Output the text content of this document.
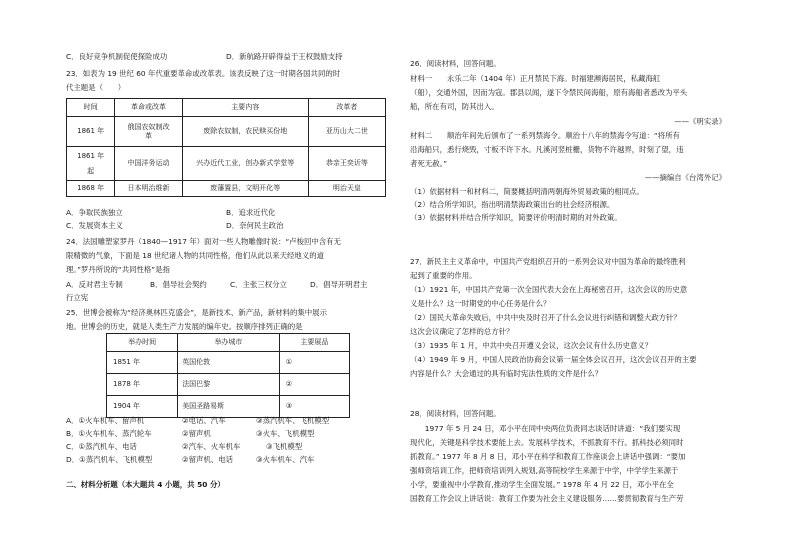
C．良好竞争机制促使探险成功	D．新航路开辟得益于王权鼓励支持
23．如表为 19 世纪 60 年代重要革命或改革表。该表反映了这一时期各国共同的时
代主题是（　　）
时间	革命或改革	主要内容	改革者
1861 年	俄国农奴制改
革	废除农奴制，农民赎买份地	亚历山大二世

1861 年
起	中国洋务运动	兴办近代工业，创办新式学堂等	恭亲王奕䜣等
1868 年	日本明治维新	废藩置县，文明开化等	明治天皇
A．争取民族独立	B．追求近代化
C．发展资本主义	D．奈何民主政治
24．法国雕塑家罗丹（1840—1917 年）面对一些人物雕像时说：“卢梭回中含有无
限精微的气象，下面是 18 世纪诸人物的共同性格，他们从此以来天经地义的道
理。”罗丹所说的“共同性格”是指
A．反对君主专制	B．倡导社会契约	C．主张三权分立	D．倡导开明君主
行立宪
25．世博会被称为“经济奥林匹克盛会”，是新技术、新产品，新材料的集中展示
地。世博会的历史，就是人类生产力发展的编年史。按顺序排列正确的是
举办时间	举办城市	主要展品
1851 年	英国伦敦	①
1878 年	法国巴黎	②
1904 年	美国圣路易斯	③
A．①火车机车、留声机	②电话、汽车	③蒸汽机车、飞机模型
B．①火车机车、蒸汽轮车	②留声机	③火车、飞机模型
C．①蒸汽机车、电话	②汽车、火车机车	③飞机模型
D．①蒸汽机车、飞机模型	②留声机、电话	③火车机车、汽车
二、材料分析题（本大题共 4 小题，共 50 分）
26．阅读材料，回答问题。
材料一　　永乐二年（1404 年）正月禁民下海。时福建濒海居民，私藏海舡
（船），交通外国，因而为寇。郡县以闻，遂下令禁民间海船，原有海船者悉改为平头
船，所在有司，防其出入。
——《明实录》
材料二　　顺治年间先后颁布了一系列禁海令。顺治十八年的禁海令写道：“将所有
沿海船只，悉行烧毁，寸板不许下水。凡溪河竖桩栅，货物不许越界，时刻了望，违
者死无赦。”
——摘编自《台湾外记》
（1）依据材料一和材料二，简要概括明清两朝海外贸易政策的相同点。
（2）结合所学知识，指出明清禁海政策出台的社会经济根源。
（3）依据材料并结合所学知识，简要评价明清时期的对外政策。
27．新民主主义革命中，中国共产党组织召开的一系列会议对中国为革命的最终胜利
起到了重要的作用。
（1）1921 年，中国共产党第一次全国代表大会在上海秘密召开，这次会议的历史意
义是什么？这一时期党的中心任务是什么？
（2）国民大革命失败后，中共中央及时召开了什么会议进行纠错和调整大政方针？
这次会议确定了怎样的总方针？
（3）1935 年 1 月，中共中央召开遵义会议，这次会议有什么历史意义？
（4）1949 年 9 月，中国人民政治协商会议第一届全体会议召开，这次会议召开的主要
内容是什么？大会通过的具有临时宪法性质的文件是什么？
28．阅读材料，回答问题。
　　1977 年 5 月 24 日，邓小平在同中央两位负责同志谈话时讲道：“我们要实现
现代化，关键是科学技术要能上去。发展科学技术，不抓教育不行。抓科技必须同时
抓教育。” 1977 年 8 月 8 日，邓小平在科学和教育工作座谈会上讲话中强调：“要加
强师资培训工作，把师资培训列入规划,高等院校学生来源于中学，中学学生来源于
小学，要重视中小学教育,推动学生全面发展。” 1978 年 4 月 22 日，邓小平在全
国教育工作会议上讲话说：教育工作要为社会主义建设服务……要贯彻教育与生产劳
